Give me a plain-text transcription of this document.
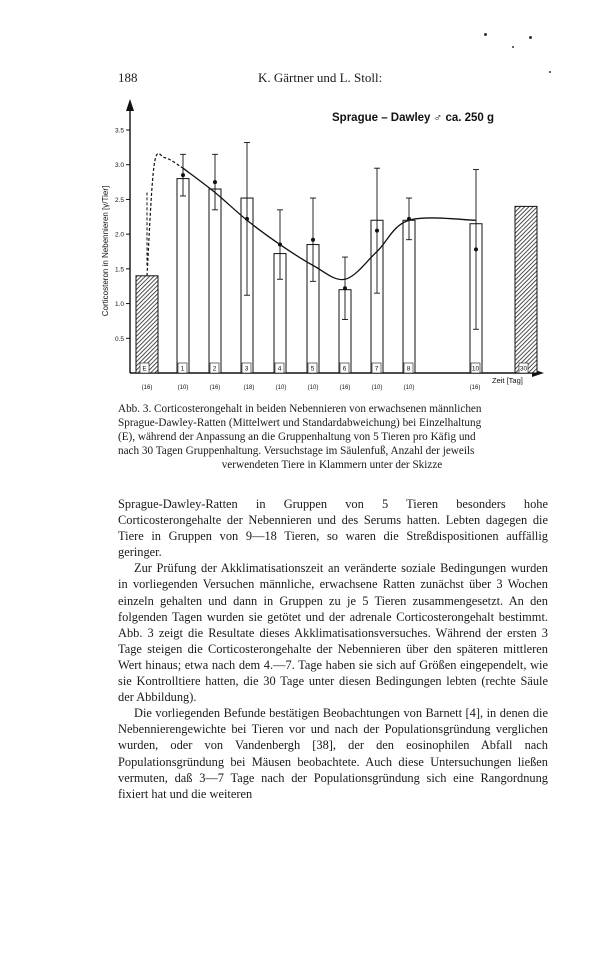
188	K. Gärtner und L. Stoll:
0.5
1.0
1.5
2.0
2.5
3.0
3.5
Corticosteron in Nebennieren [γ/Tier]
Sprague – Dawley ♂ ca. 250 g
E	1	2	3	4	5	6	7	8	10	30
(16)	(10)	(16)	(18)	(10)	(10)	(16)	(10)	(10)	(16)
Zeit [Tag]
Abb. 3. Corticosterongehalt in beiden Nebennieren von erwachsenen männlichen
Sprague-Dawley-Ratten (Mittelwert und Standardabweichung) bei Einzelhaltung
(E), während der Anpassung an die Gruppenhaltung von 5 Tieren pro Käfig und
nach 30 Tagen Gruppenhaltung. Versuchstage im Säulenfuß, Anzahl der jeweils
verwendeten Tiere in Klammern unter der Skizze

Sprague-Dawley-Ratten in Gruppen von 5 Tieren besonders hohe Corticosterongehalte der Nebennieren und des Serums hatten. Lebten dagegen die Tiere in Gruppen von 9—18 Tieren, so waren die Streßdispositionen auffällig geringer.

Zur Prüfung der Akklimatisationszeit an veränderte soziale Bedingungen wurden in vorliegenden Versuchen männliche, erwachsene Ratten zunächst über 3 Wochen einzeln gehalten und dann in Gruppen zu je 5 Tieren zusammengesetzt. An den folgenden Tagen wurden sie getötet und der adrenale Corticosterongehalt bestimmt. Abb. 3 zeigt die Resultate dieses Akklimatisationsversuches. Während der ersten 3 Tage steigen die Corticosterongehalte der Nebennieren über den späteren mittleren Wert hinaus; etwa nach dem 4.—7. Tage haben sie sich auf Größen eingependelt, wie sie Kontrolltiere hatten, die 30 Tage unter diesen Bedingungen lebten (rechte Säule der Abbildung).

Die vorliegenden Befunde bestätigen Beobachtungen von Barnett [4], in denen die Nebennierengewichte bei Tieren vor und nach der Populationsgründung verglichen wurden, oder von Vandenbergh [38], der den eosinophilen Abfall nach Populationsgründung bei Mäusen beobachtete. Auch diese Untersuchungen ließen vermuten, daß 3—7 Tage nach der Populationsgründung sich eine Rangordnung fixiert hat und die weiteren
